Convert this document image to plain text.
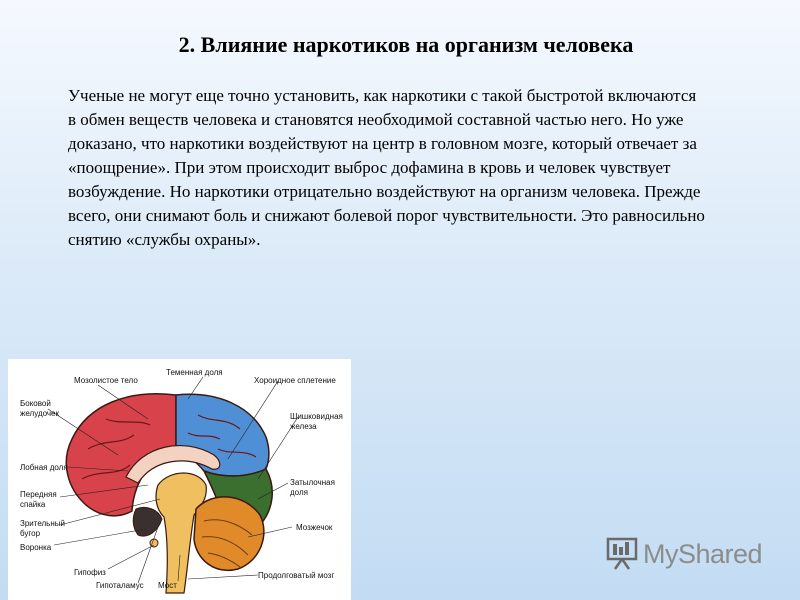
2. Влияние наркотиков на организм человека
Ученые не могут еще точно установить, как наркотики с такой быстротой включаются в обмен веществ человека и становятся необходимой составной частью него. Но уже доказано, что наркотики воздействуют на центр в головном мозге, который отвечает за «поощрение». При этом происходит выброс дофамина в кровь и человек чувствует возбуждение. Но наркотики отрицательно воздействуют на организм человека. Прежде всего, они снимают боль и снижают болевой порог чувствительности. Это равносильно снятию «службы охраны».
Мозолистое тело
Теменная доля
Хороидное сплетение
Боковой желудочек	Шишковидная железа
Лобная доля
Затылочная доля
Передняя спайка
Зрительный бугор
Мозжечок
Воронка
Гипофиз
Гипоталамус Мост
Продолговатый мозг
MyShared
